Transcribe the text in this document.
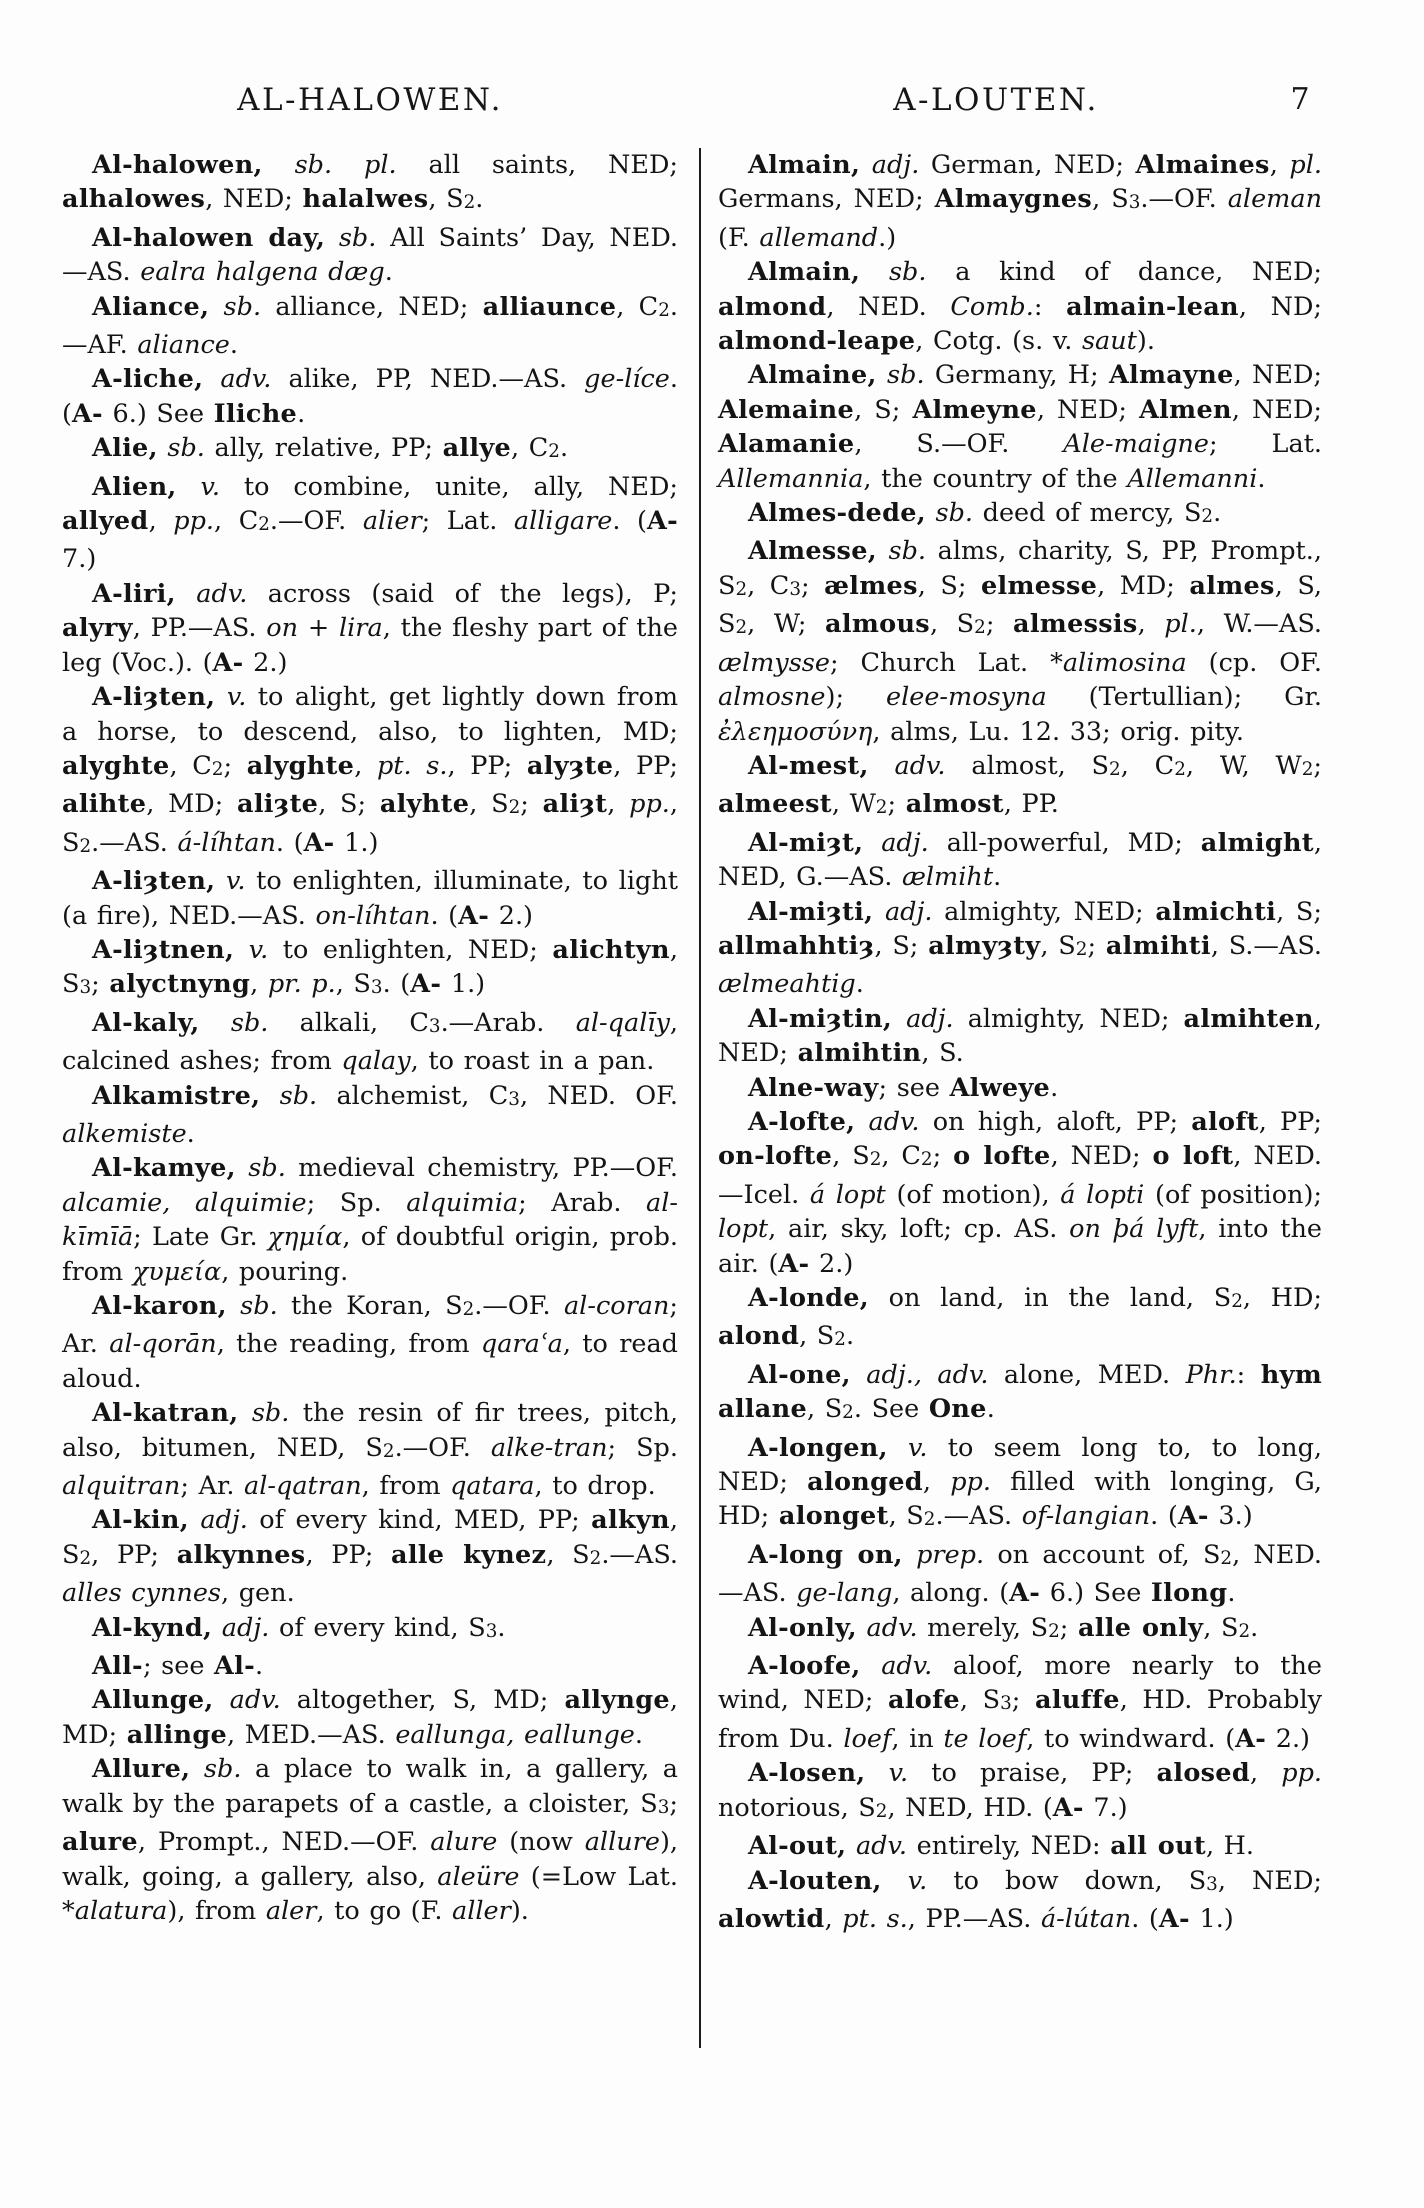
AL-HALOWEN.	A-LOUTEN.	7

Al-halowen, sb. pl. all saints, NED; alhalowes, NED; halalwes, S2.

Al-halowen day, sb. All Saints’ Day, NED.—AS. ealra halgena dæg.

Aliance, sb. alliance, NED; alliaunce, C2.—AF. aliance.

A-liche, adv. alike, PP, NED.—AS. ge-líce. (A- 6.) See Iliche.

Alie, sb. ally, relative, PP; allye, C2.

Alien, v. to combine, unite, ally, NED; allyed, pp., C2.—OF. alier; Lat. alligare. (A- 7.)

A-liri, adv. across (said of the legs), P; alyry, PP.—AS. on + lira, the fleshy part of the leg (Voc.). (A- 2.)

A-liȝten, v. to alight, get lightly down from a horse, to descend, also, to lighten, MD; alyghte, C2; alyghte, pt. s., PP; alyȝte, PP; alihte, MD; aliȝte, S; alyhte, S2; aliȝt, pp., S2.—AS. á-líhtan. (A- 1.)

A-liȝten, v. to enlighten, illuminate, to light (a fire), NED.—AS. on-líhtan. (A- 2.)

A-liȝtnen, v. to enlighten, NED; alichtyn, S3; alyctnyng, pr. p., S3. (A- 1.)

Al-kaly, sb. alkali, C3.—Arab. al-qalīy, calcined ashes; from qalay, to roast in a pan.

Alkamistre, sb. alchemist, C3, NED. OF. alkemiste.

Al-kamye, sb. medieval chemistry, PP.—OF. alcamie, alquimie; Sp. alquimia; Arab. al-kīmīā; Late Gr. χημία, of doubtful origin, prob. from χυμεία, pouring.

Al-karon, sb. the Koran, S2.—OF. al-coran; Ar. al-qorān, the reading, from qaraʿa, to read aloud.

Al-katran, sb. the resin of fir trees, pitch, also, bitumen, NED, S2.—OF. alke-tran; Sp. alquitran; Ar. al-qatran, from qatara, to drop.

Al-kin, adj. of every kind, MED, PP; alkyn, S2, PP; alkynnes, PP; alle kynez, S2.—AS. alles cynnes, gen.

Al-kynd, adj. of every kind, S3.

All-; see Al-.

Allunge, adv. altogether, S, MD; allynge, MD; allinge, MED.—AS. eallunga, eallunge.

Allure, sb. a place to walk in, a gallery, a walk by the parapets of a castle, a cloister, S3; alure, Prompt., NED.—OF. alure (now allure), walk, going, a gallery, also, aleüre (=Low Lat. *alatura), from aler, to go (F. aller).

Almain, adj. German, NED; Almaines, pl. Germans, NED; Almaygnes, S3.—OF. aleman (F. allemand.)

Almain, sb. a kind of dance, NED; almond, NED. Comb.: almain-lean, ND; almond-leape, Cotg. (s. v. saut).

Almaine, sb. Germany, H; Almayne, NED; Alemaine, S; Almeyne, NED; Almen, NED; Alamanie, S.—OF. Ale-maigne; Lat. Allemannia, the country of the Allemanni.

Almes-dede, sb. deed of mercy, S2.

Almesse, sb. alms, charity, S, PP, Prompt., S2, C3; ælmes, S; elmesse, MD; almes, S, S2, W; almous, S2; almessis, pl., W.—AS. ælmysse; Church Lat. *alimosina (cp. OF. almosne); elee-mosyna (Tertullian); Gr. ἐλεημοσύνη, alms, Lu. 12. 33; orig. pity.

Al-mest, adv. almost, S2, C2, W, W2; almeest, W2; almost, PP.

Al-miȝt, adj. all-powerful, MD; almight, NED, G.—AS. ælmiht.

Al-miȝti, adj. almighty, NED; almichti, S; allmahhtiȝ, S; almyȝty, S2; almihti, S.—AS. ælmeahtig.

Al-miȝtin, adj. almighty, NED; almihten, NED; almihtin, S.

Alne-way; see Alweye.

A-lofte, adv. on high, aloft, PP; aloft, PP; on-lofte, S2, C2; o lofte, NED; o loft, NED.—Icel. á lopt (of motion), á lopti (of position); lopt, air, sky, loft; cp. AS. on þá lyft, into the air. (A- 2.)

A-londe, on land, in the land, S2, HD; alond, S2.

Al-one, adj., adv. alone, MED. Phr.: hym allane, S2. See One.

A-longen, v. to seem long to, to long, NED; alonged, pp. filled with longing, G, HD; alonget, S2.—AS. of-langian. (A- 3.)

A-long on, prep. on account of, S2, NED.—AS. ge-lang, along. (A- 6.) See Ilong.

Al-only, adv. merely, S2; alle only, S2.

A-loofe, adv. aloof, more nearly to the wind, NED; alofe, S3; aluffe, HD. Probably from Du. loef, in te loef, to windward. (A- 2.)

A-losen, v. to praise, PP; alosed, pp. notorious, S2, NED, HD. (A- 7.)

Al-out, adv. entirely, NED: all out, H.

A-louten, v. to bow down, S3, NED; alowtid, pt. s., PP.—AS. á-lútan. (A- 1.)
